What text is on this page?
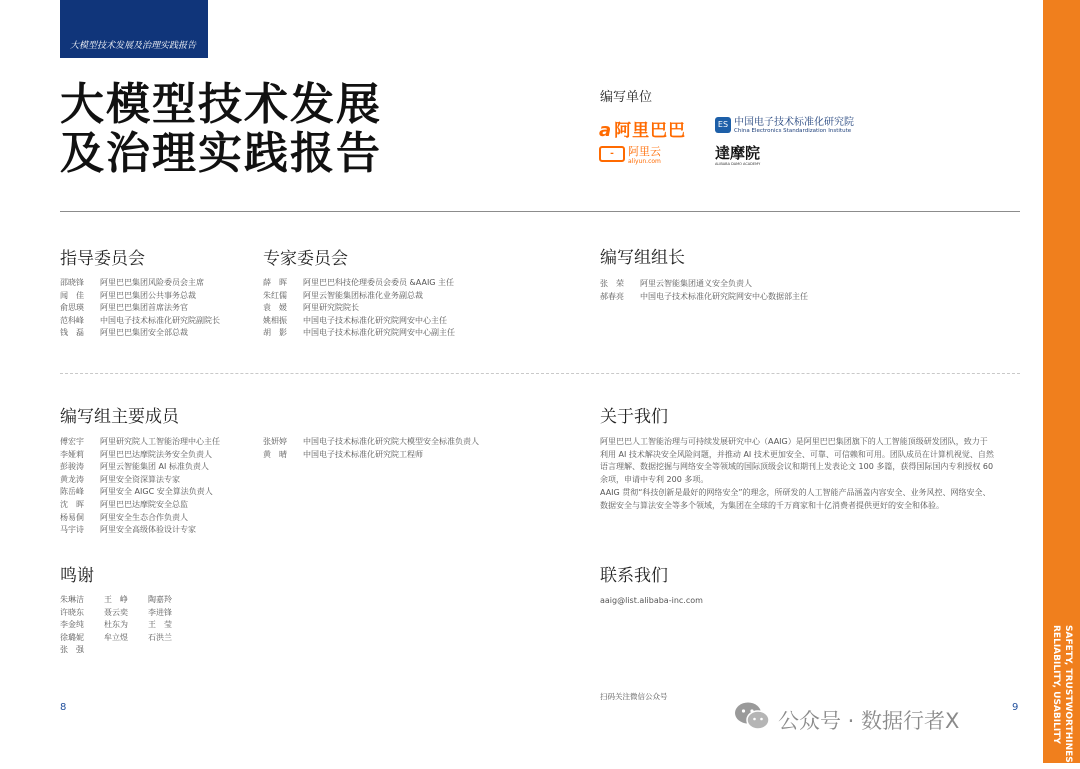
大模型技术发展及治理实践报告
SAFETY, TRUSTWORTHINESS
RELIABILITY, USABILITY
大模型技术发展
及治理实践报告
编写单位
a 阿里巴巴	ES 中国电子技术标准化研究院
China Electronics Standardization Institute
- 阿里云
aliyun.com	達摩院
ALIBABA DAMO ACADEMY
指导委员会
邵晓锋	阿里巴巴集团风险委员会主席
闻　佳	阿里巴巴集团公共事务总裁
俞思瑛	阿里巴巴集团首席法务官
范科峰	中国电子技术标准化研究院副院长
钱　磊	阿里巴巴集团安全部总裁
专家委员会
薛　晖	阿里巴巴科技伦理委员会委员 &AAIG 主任
朱红儒	阿里云智能集团标准化业务副总裁
袁　媛	阿里研究院院长
姚相振	中国电子技术标准化研究院网安中心主任
胡　影	中国电子技术标准化研究院网安中心副主任
编写组组长
张　荣	阿里云智能集团通义安全负责人
郝春亮	中国电子技术标准化研究院网安中心数据部主任
编写组主要成员
傅宏宇	阿里研究院人工智能治理中心主任
李娅莉	阿里巴巴达摩院法务安全负责人
彭骏涛	阿里云智能集团 AI 标准负责人
黄龙涛	阿里安全资深算法专家
陈岳峰	阿里安全 AIGC 安全算法负责人
沈　晖	阿里巴巴达摩院安全总监
杨易侗	阿里安全生态合作负责人
马宇诗	阿里安全高级体验设计专家
张妍婷	中国电子技术标准化研究院大模型安全标准负责人
黄　晴	中国电子技术标准化研究院工程师
关于我们
阿里巴巴人工智能治理与可持续发展研究中心（AAIG）是阿里巴巴集团旗下的人工智能顶级研发团队，致力于利用 AI 技术解决安全风险问题，并推动 AI 技术更加安全、可靠、可信赖和可用。团队成员在计算机视觉、自然语言理解、数据挖掘与网络安全等领域的国际顶级会议和期刊上发表论文 100 多篇，获得国际国内专利授权 60 余项，申请中专利 200 多项。
AAIG 贯彻“科技创新是最好的网络安全”的理念，所研发的人工智能产品涵盖内容安全、业务风控、网络安全、数据安全与算法安全等多个领域，为集团在全球的千万商家和十亿消费者提供更好的安全和体验。
鸣谢
朱琳洁	王　峥	陶嘉羚
许晓东	聂云奕	李进锋
李金纯	杜东为	王　莹
徐璐妮	牟立煜	石洪兰
张　强
联系我们
aaig@list.alibaba-inc.com
扫码关注微信公众号
8	9
公众号 · 数据行者X
